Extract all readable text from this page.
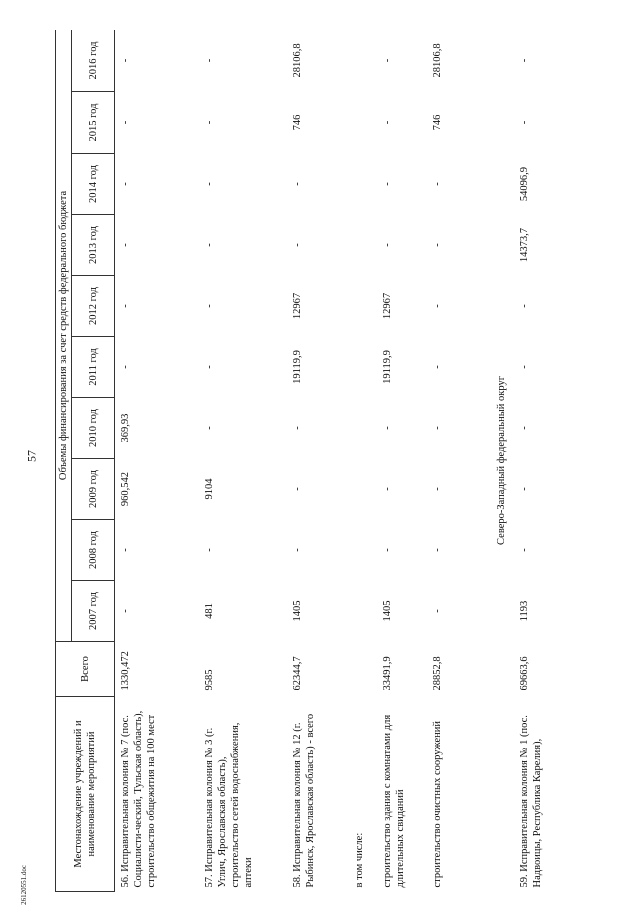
57
26120551.doc
Местонахождение учреждений и наименование мероприятий	Всего	Объемы финансирования за счет средств федерального бюджета									
		2007 год	2008 год	2009 год	2010 год	2011 год	2012 год	2013 год	2014 год	2015 год	2016 год
56. Исправительная колония № 7 (пос. Социалисти-ческий, Тульская область), строительство общежития на 100 мест	1330,472	-	-	960,542	369,93	-	-	-	-	-	-
57. Исправительная колония № 3 (г. Углич, Ярославская область), строительство сетей водоснабжения, аптеки	9585	481	-	9104	-	-	-	-	-	-	-
58. Исправительная колония № 12 (г. Рыбинск, Ярославская область) - всего	62344,7	1405	-	-	-	19119,9	12967	-	-	746	28106,8
в том числе:											
строительство здания с комнатами для длительных свиданий	33491,9	1405	-	-	-	19119,9	12967	-	-	-	-
строительство очистных сооружений	28852,8	-	-	-	-	-	-	-	-	746	28106,8
Северо-Западный федеральный округ											
59. Исправительная колония № 1 (пос. Надвоицы, Республика Карелия),	69663,6	1193	-	-	-	-	-	14373,7	54096,9	-	-
